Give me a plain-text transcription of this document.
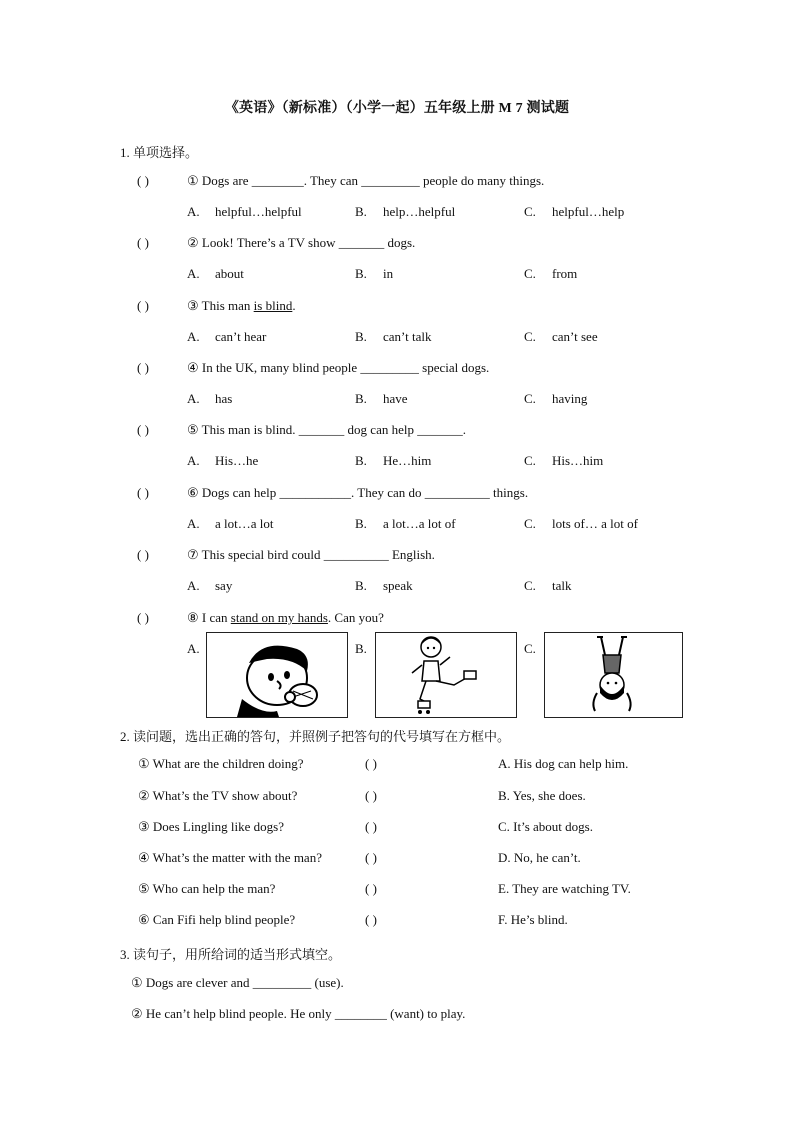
《英语》（新标准）（小学一起）五年级上册 M 7 测试题
1. 单项选择。
( )	① Dogs are ________. They can _________ people do many things.
A. helpful…helpful	B. help…helpful	C. helpful…help
( )	② Look! There’s a TV show _______ dogs.
A. about	B. in	C. from
( )	③ This man is blind.
A. can’t hear	B. can’t talk	C. can’t see
( )	④ In the UK, many blind people _________ special dogs.
A. has	B. have	C. having
( )	⑤ This man is blind. _______ dog can help _______.
A. His…he	B. He…him	C. His…him
( )	⑥ Dogs can help ___________. They can do __________ things.
A. a lot…a lot	B. a lot…a lot of	C. lots of… a lot of
( )	⑦ This special bird could __________ English.
A. say	B. speak	C. talk
( )	⑧ I can stand on my hands. Can you?
A.	B.	C.
2. 读问题，选出正确的答句，并照例子把答句的代号填写在方框中。
① What are the children doing?	( )	A. His dog can help him.
② What’s the TV show about?	( )	B. Yes, she does.
③ Does Lingling like dogs?	( )	C. It’s about dogs.
④ What’s the matter with the man?	( )	D. No, he can’t.
⑤ Who can help the man?	( )	E. They are watching TV.
⑥ Can Fifi help blind people?	( )	F. He’s blind.
3. 读句子，用所给词的适当形式填空。
① Dogs are clever and _________ (use).
② He can’t help blind people. He only ________ (want) to play.
